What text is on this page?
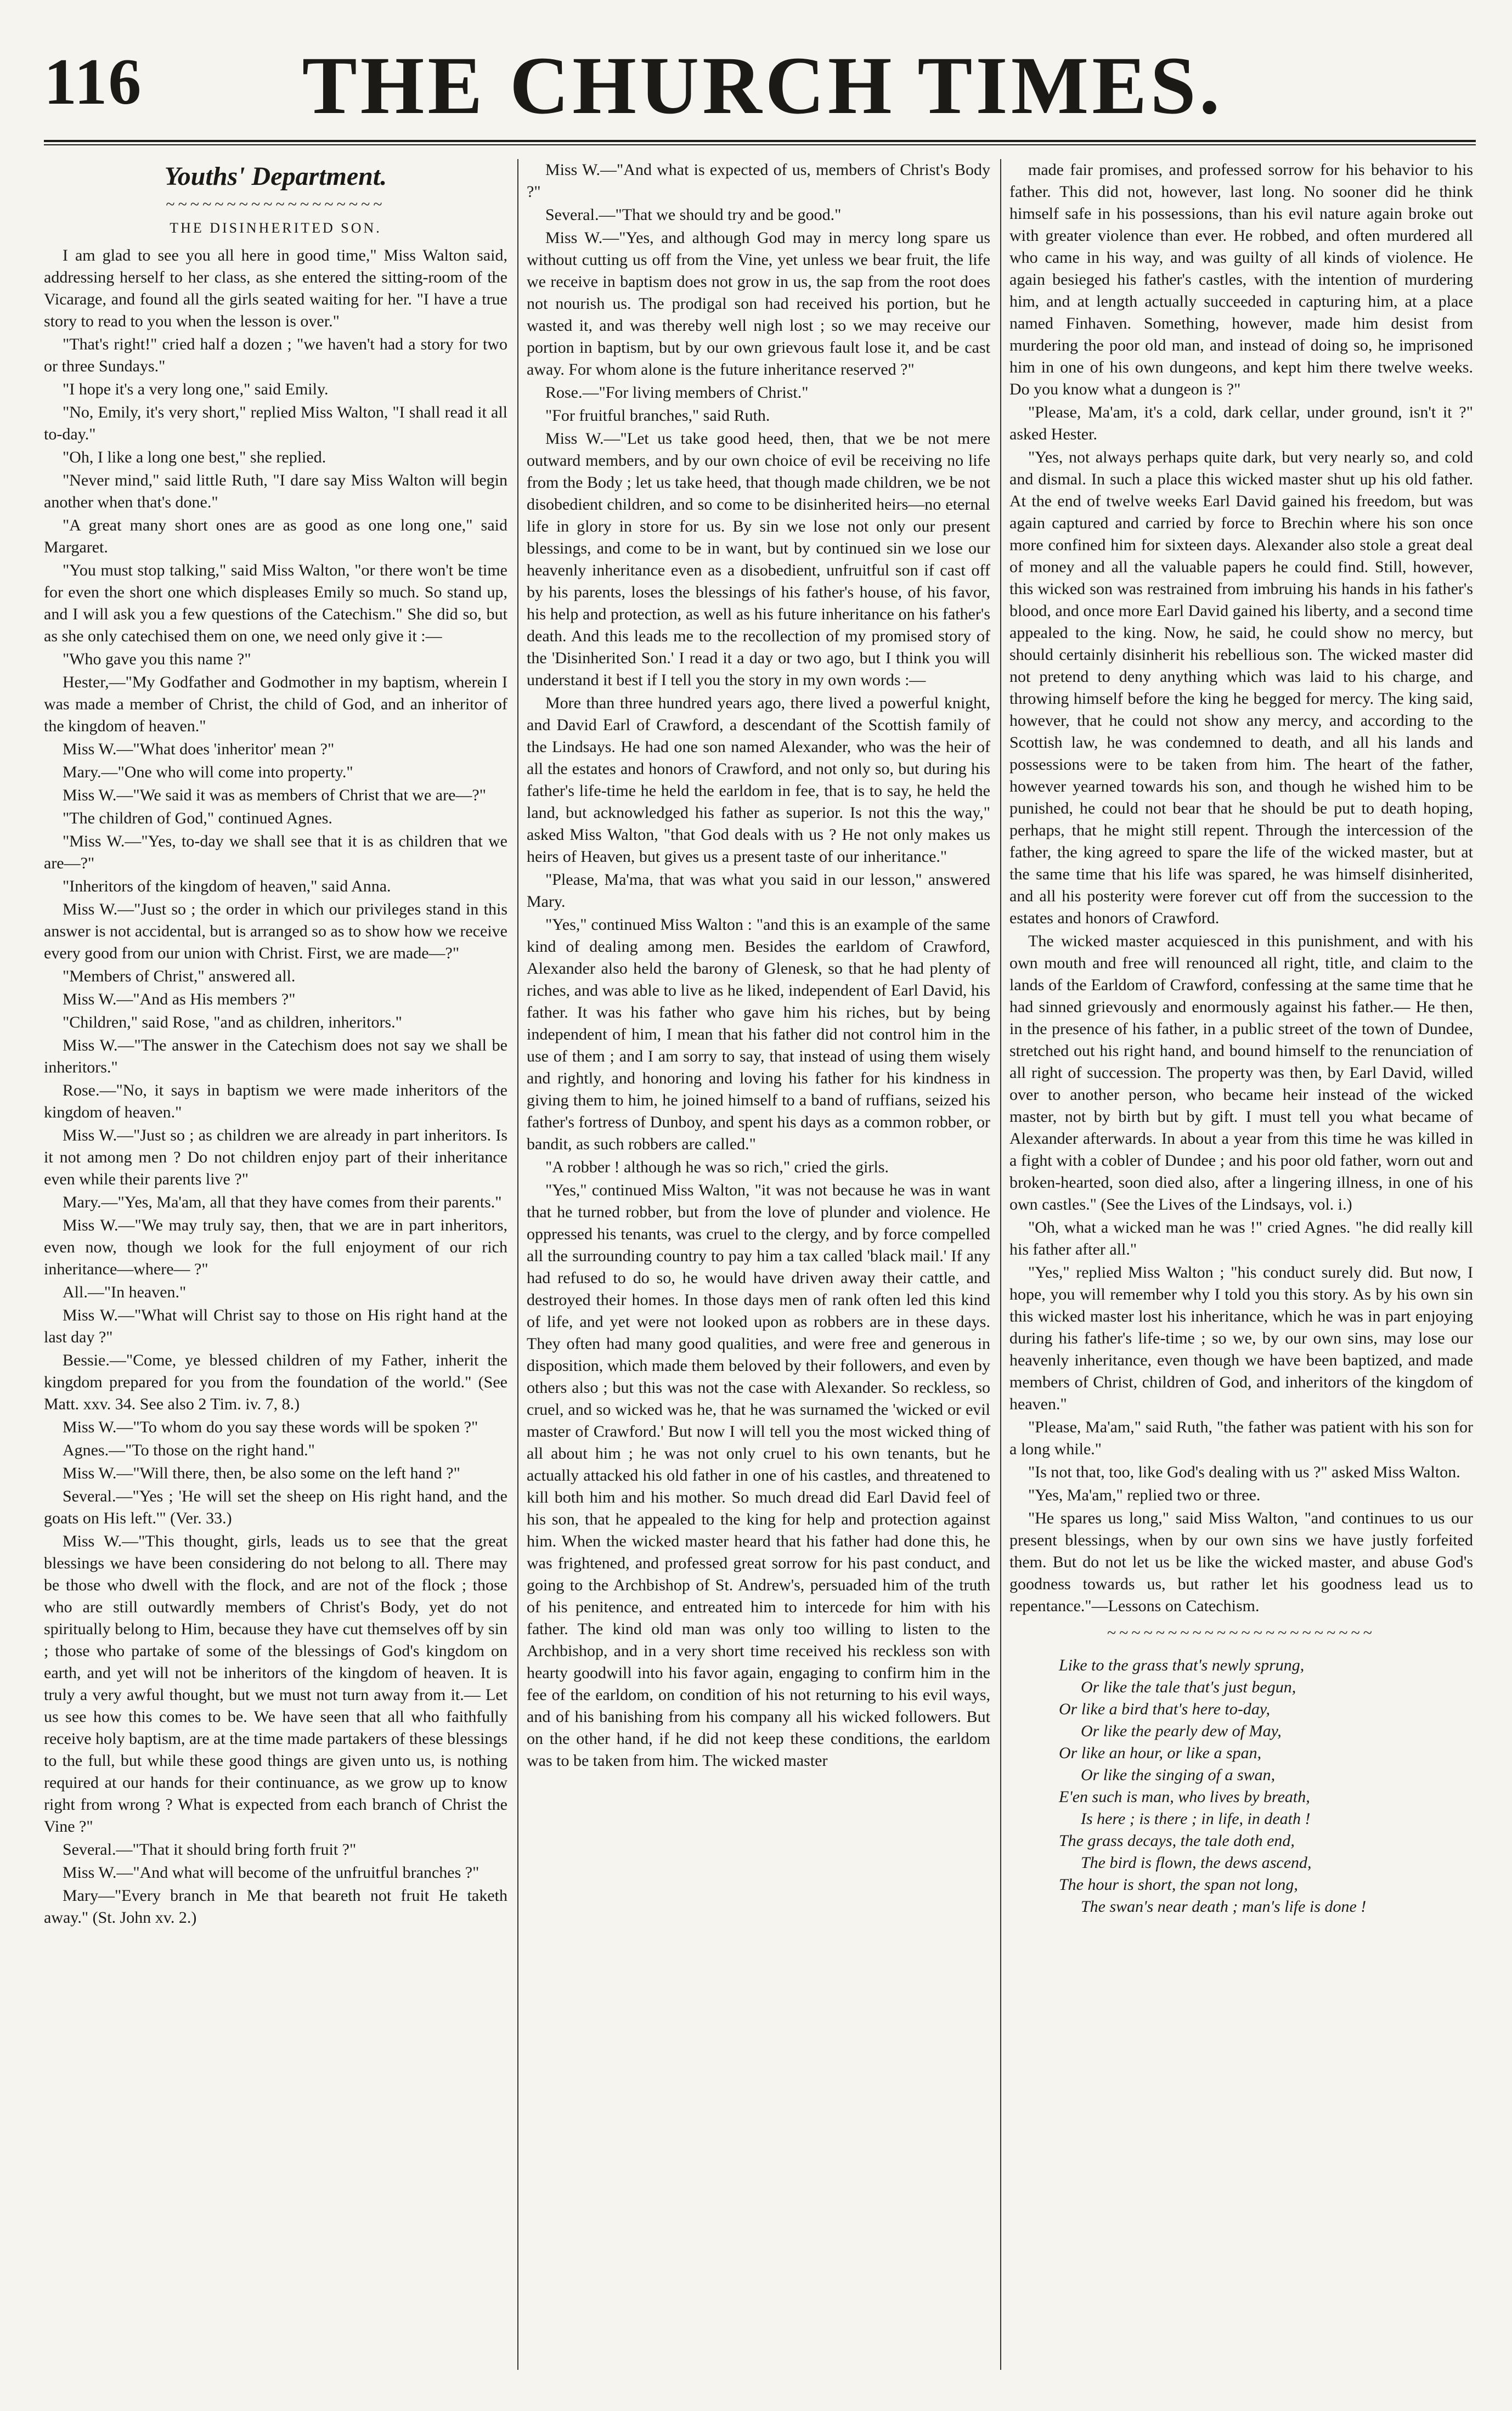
116	THE CHURCH TIMES.
Youths' Department.
~~~~~~~~~~~~~~~~~~
THE DISINHERITED SON.

I am glad to see you all here in good time," Miss Walton said, addressing herself to her class, as she entered the sitting-room of the Vicarage, and found all the girls seated waiting for her. "I have a true story to read to you when the lesson is over."

"That's right!" cried half a dozen ; "we haven't had a story for two or three Sundays."

"I hope it's a very long one," said Emily.

"No, Emily, it's very short," replied Miss Walton, "I shall read it all to-day."

"Oh, I like a long one best," she replied.

"Never mind," said little Ruth, "I dare say Miss Walton will begin another when that's done."

"A great many short ones are as good as one long one," said Margaret.

"You must stop talking," said Miss Walton, "or there won't be time for even the short one which displeases Emily so much. So stand up, and I will ask you a few questions of the Catechism." She did so, but as she only catechised them on one, we need only give it :—

"Who gave you this name ?"

Hester,—"My Godfather and Godmother in my baptism, wherein I was made a member of Christ, the child of God, and an inheritor of the kingdom of heaven."

Miss W.—"What does 'inheritor' mean ?"

Mary.—"One who will come into property."

Miss W.—"We said it was as members of Christ that we are—?"

"The children of God," continued Agnes.

"Miss W.—"Yes, to-day we shall see that it is as children that we are—?"

"Inheritors of the kingdom of heaven," said Anna.

Miss W.—"Just so ; the order in which our privileges stand in this answer is not accidental, but is arranged so as to show how we receive every good from our union with Christ. First, we are made—?"

"Members of Christ," answered all.

Miss W.—"And as His members ?"

"Children," said Rose, "and as children, inheritors."

Miss W.—"The answer in the Catechism does not say we shall be inheritors."

Rose.—"No, it says in baptism we were made inheritors of the kingdom of heaven."

Miss W.—"Just so ; as children we are already in part inheritors. Is it not among men ? Do not children enjoy part of their inheritance even while their parents live ?"

Mary.—"Yes, Ma'am, all that they have comes from their parents."

Miss W.—"We may truly say, then, that we are in part inheritors, even now, though we look for the full enjoyment of our rich inheritance—where— ?"

All.—"In heaven."

Miss W.—"What will Christ say to those on His right hand at the last day ?"

Bessie.—"Come, ye blessed children of my Father, inherit the kingdom prepared for you from the foundation of the world." (See Matt. xxv. 34. See also 2 Tim. iv. 7, 8.)

Miss W.—"To whom do you say these words will be spoken ?"

Agnes.—"To those on the right hand."

Miss W.—"Will there, then, be also some on the left hand ?"

Several.—"Yes ; 'He will set the sheep on His right hand, and the goats on His left.'" (Ver. 33.)

Miss W.—"This thought, girls, leads us to see that the great blessings we have been considering do not belong to all. There may be those who dwell with the flock, and are not of the flock ; those who are still outwardly members of Christ's Body, yet do not spiritually belong to Him, because they have cut themselves off by sin ; those who partake of some of the blessings of God's kingdom on earth, and yet will not be inheritors of the kingdom of heaven. It is truly a very awful thought, but we must not turn away from it.— Let us see how this comes to be. We have seen that all who faithfully receive holy baptism, are at the time made partakers of these blessings to the full, but while these good things are given unto us, is nothing required at our hands for their continuance, as we grow up to know right from wrong ? What is expected from each branch of Christ the Vine ?"

Several.—"That it should bring forth fruit ?"

Miss W.—"And what will become of the unfruitful branches ?"

Mary—"Every branch in Me that beareth not fruit He taketh away." (St. John xv. 2.)

Miss W.—"And what is expected of us, members of Christ's Body ?"

Several.—"That we should try and be good."

Miss W.—"Yes, and although God may in mercy long spare us without cutting us off from the Vine, yet unless we bear fruit, the life we receive in baptism does not grow in us, the sap from the root does not nourish us. The prodigal son had received his portion, but he wasted it, and was thereby well nigh lost ; so we may receive our portion in baptism, but by our own grievous fault lose it, and be cast away. For whom alone is the future inheritance reserved ?"

Rose.—"For living members of Christ."

"For fruitful branches," said Ruth.

Miss W.—"Let us take good heed, then, that we be not mere outward members, and by our own choice of evil be receiving no life from the Body ; let us take heed, that though made children, we be not disobedient children, and so come to be disinherited heirs—no eternal life in glory in store for us. By sin we lose not only our present blessings, and come to be in want, but by continued sin we lose our heavenly inheritance even as a disobedient, unfruitful son if cast off by his parents, loses the blessings of his father's house, of his favor, his help and protection, as well as his future inheritance on his father's death. And this leads me to the recollection of my promised story of the 'Disinherited Son.' I read it a day or two ago, but I think you will understand it best if I tell you the story in my own words :—

More than three hundred years ago, there lived a powerful knight, and David Earl of Crawford, a descendant of the Scottish family of the Lindsays. He had one son named Alexander, who was the heir of all the estates and honors of Crawford, and not only so, but during his father's life-time he held the earldom in fee, that is to say, he held the land, but acknowledged his father as superior. Is not this the way," asked Miss Walton, "that God deals with us ? He not only makes us heirs of Heaven, but gives us a present taste of our inheritance."

"Please, Ma'ma, that was what you said in our lesson," answered Mary.

"Yes," continued Miss Walton : "and this is an example of the same kind of dealing among men. Besides the earldom of Crawford, Alexander also held the barony of Glenesk, so that he had plenty of riches, and was able to live as he liked, independent of Earl David, his father. It was his father who gave him his riches, but by being independent of him, I mean that his father did not control him in the use of them ; and I am sorry to say, that instead of using them wisely and rightly, and honoring and loving his father for his kindness in giving them to him, he joined himself to a band of ruffians, seized his father's fortress of Dunboy, and spent his days as a common robber, or bandit, as such robbers are called."

"A robber ! although he was so rich," cried the girls.

"Yes," continued Miss Walton, "it was not because he was in want that he turned robber, but from the love of plunder and violence. He oppressed his tenants, was cruel to the clergy, and by force compelled all the surrounding country to pay him a tax called 'black mail.' If any had refused to do so, he would have driven away their cattle, and destroyed their homes. In those days men of rank often led this kind of life, and yet were not looked upon as robbers are in these days. They often had many good qualities, and were free and generous in disposition, which made them beloved by their followers, and even by others also ; but this was not the case with Alexander. So reckless, so cruel, and so wicked was he, that he was surnamed the 'wicked or evil master of Crawford.' But now I will tell you the most wicked thing of all about him ; he was not only cruel to his own tenants, but he actually attacked his old father in one of his castles, and threatened to kill both him and his mother. So much dread did Earl David feel of his son, that he appealed to the king for help and protection against him. When the wicked master heard that his father had done this, he was frightened, and professed great sorrow for his past conduct, and going to the Archbishop of St. Andrew's, persuaded him of the truth of his penitence, and entreated him to intercede for him with his father. The kind old man was only too willing to listen to the Archbishop, and in a very short time received his reckless son with hearty goodwill into his favor again, engaging to confirm him in the fee of the earldom, on condition of his not returning to his evil ways, and of his banishing from his company all his wicked followers. But on the other hand, if he did not keep these conditions, the earldom was to be taken from him. The wicked master

made fair promises, and professed sorrow for his behavior to his father. This did not, however, last long. No sooner did he think himself safe in his possessions, than his evil nature again broke out with greater violence than ever. He robbed, and often murdered all who came in his way, and was guilty of all kinds of violence. He again besieged his father's castles, with the intention of murdering him, and at length actually succeeded in capturing him, at a place named Finhaven. Something, however, made him desist from murdering the poor old man, and instead of doing so, he imprisoned him in one of his own dungeons, and kept him there twelve weeks. Do you know what a dungeon is ?"

"Please, Ma'am, it's a cold, dark cellar, under ground, isn't it ?" asked Hester.

"Yes, not always perhaps quite dark, but very nearly so, and cold and dismal. In such a place this wicked master shut up his old father. At the end of twelve weeks Earl David gained his freedom, but was again captured and carried by force to Brechin where his son once more confined him for sixteen days. Alexander also stole a great deal of money and all the valuable papers he could find. Still, however, this wicked son was restrained from imbruing his hands in his father's blood, and once more Earl David gained his liberty, and a second time appealed to the king. Now, he said, he could show no mercy, but should certainly disinherit his rebellious son. The wicked master did not pretend to deny anything which was laid to his charge, and throwing himself before the king he begged for mercy. The king said, however, that he could not show any mercy, and according to the Scottish law, he was condemned to death, and all his lands and possessions were to be taken from him. The heart of the father, however yearned towards his son, and though he wished him to be punished, he could not bear that he should be put to death hoping, perhaps, that he might still repent. Through the intercession of the father, the king agreed to spare the life of the wicked master, but at the same time that his life was spared, he was himself disinherited, and all his posterity were forever cut off from the succession to the estates and honors of Crawford.

The wicked master acquiesced in this punishment, and with his own mouth and free will renounced all right, title, and claim to the lands of the Earldom of Crawford, confessing at the same time that he had sinned grievously and enormously against his father.— He then, in the presence of his father, in a public street of the town of Dundee, stretched out his right hand, and bound himself to the renunciation of all right of succession. The property was then, by Earl David, willed over to another person, who became heir instead of the wicked master, not by birth but by gift. I must tell you what became of Alexander afterwards. In about a year from this time he was killed in a fight with a cobler of Dundee ; and his poor old father, worn out and broken-hearted, soon died also, after a lingering illness, in one of his own castles." (See the Lives of the Lindsays, vol. i.)

"Oh, what a wicked man he was !" cried Agnes. "he did really kill his father after all."

"Yes," replied Miss Walton ; "his conduct surely did. But now, I hope, you will remember why I told you this story. As by his own sin this wicked master lost his inheritance, which he was in part enjoying during his father's life-time ; so we, by our own sins, may lose our heavenly inheritance, even though we have been baptized, and made members of Christ, children of God, and inheritors of the kingdom of heaven."

"Please, Ma'am," said Ruth, "the father was patient with his son for a long while."

"Is not that, too, like God's dealing with us ?" asked Miss Walton.

"Yes, Ma'am," replied two or three.

"He spares us long," said Miss Walton, "and continues to us our present blessings, when by our own sins we have justly forfeited them. But do not let us be like the wicked master, and abuse God's goodness towards us, but rather let his goodness lead us to repentance."—Lessons on Catechism.

~~~~~~~~~~~~~~~~~~~~~~
Like to the grass that's newly sprung,
Or like the tale that's just begun,
Or like a bird that's here to-day,
Or like the pearly dew of May,
Or like an hour, or like a span,
Or like the singing of a swan,
E'en such is man, who lives by breath,
Is here ; is there ; in life, in death !
The grass decays, the tale doth end,
The bird is flown, the dews ascend,
The hour is short, the span not long,
The swan's near death ; man's life is done !
